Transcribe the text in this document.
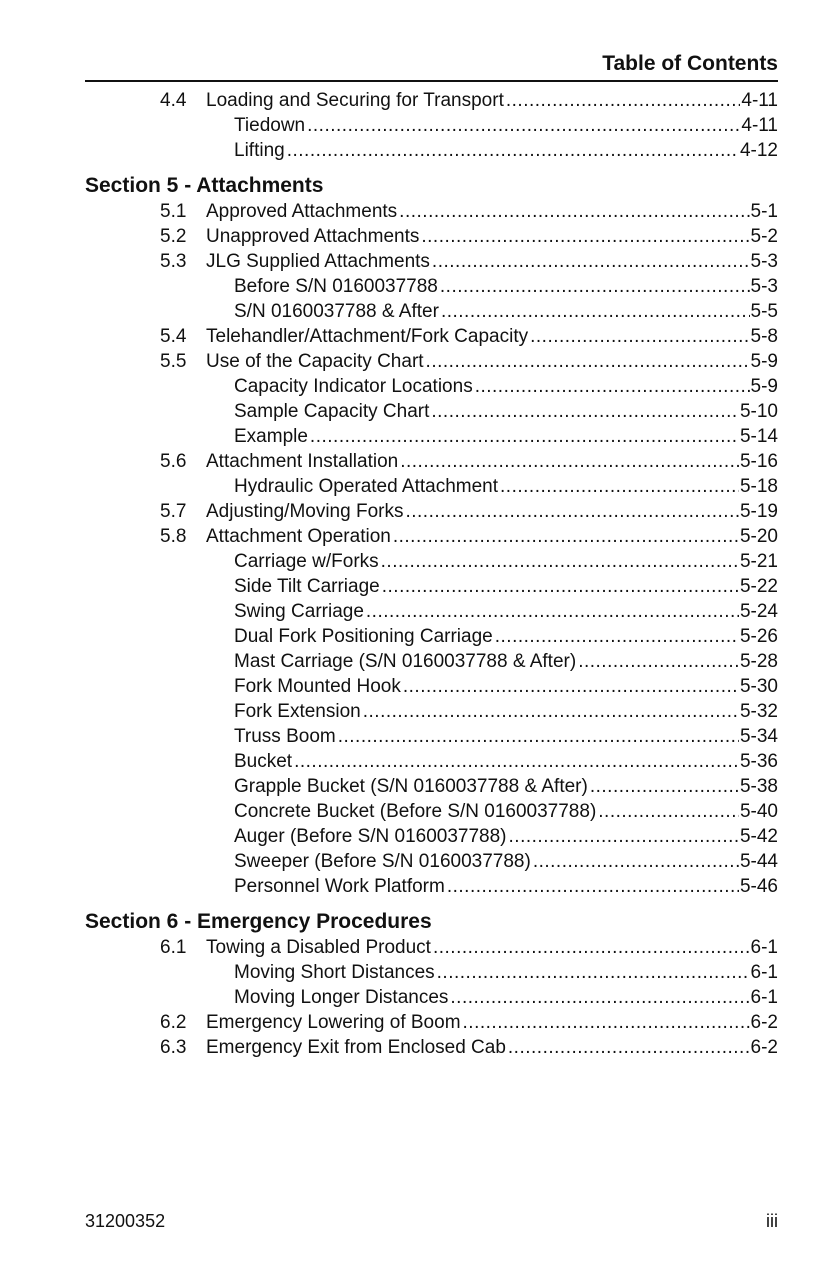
Table of Contents
4.4 Loading and Securing for Transport .....	4-11
Tiedown .....	4-11
Lifting .....	4-12
Section 5 - Attachments
5.1 Approved Attachments .....	5-1
5.2 Unapproved Attachments .....	5-2
5.3 JLG Supplied Attachments .....	5-3
Before S/N 0160037788 .....	5-3
S/N 0160037788 & After .....	5-5
5.4 Telehandler/Attachment/Fork Capacity .....	5-8
5.5 Use of the Capacity Chart .....	5-9
Capacity Indicator Locations .....	5-9
Sample Capacity Chart .....	5-10
Example .....	5-14
5.6 Attachment Installation .....	5-16
Hydraulic Operated Attachment .....	5-18
5.7 Adjusting/Moving Forks .....	5-19
5.8 Attachment Operation .....	5-20
Carriage w/Forks .....	5-21
Side Tilt Carriage .....	5-22
Swing Carriage .....	5-24
Dual Fork Positioning Carriage .....	5-26
Mast Carriage (S/N 0160037788 & After) .....	5-28
Fork Mounted Hook .....	5-30
Fork Extension .....	5-32
Truss Boom .....	5-34
Bucket .....	5-36
Grapple Bucket (S/N 0160037788 & After) .....	5-38
Concrete Bucket (Before S/N 0160037788) .....	5-40
Auger (Before S/N 0160037788) .....	5-42
Sweeper (Before S/N 0160037788) .....	5-44
Personnel Work Platform .....	5-46
Section 6 - Emergency Procedures
6.1 Towing a Disabled Product .....	6-1
Moving Short Distances .....	6-1
Moving Longer Distances .....	6-1
6.2 Emergency Lowering of Boom .....	6-2
6.3 Emergency Exit from Enclosed Cab .....	6-2
31200352	iii
